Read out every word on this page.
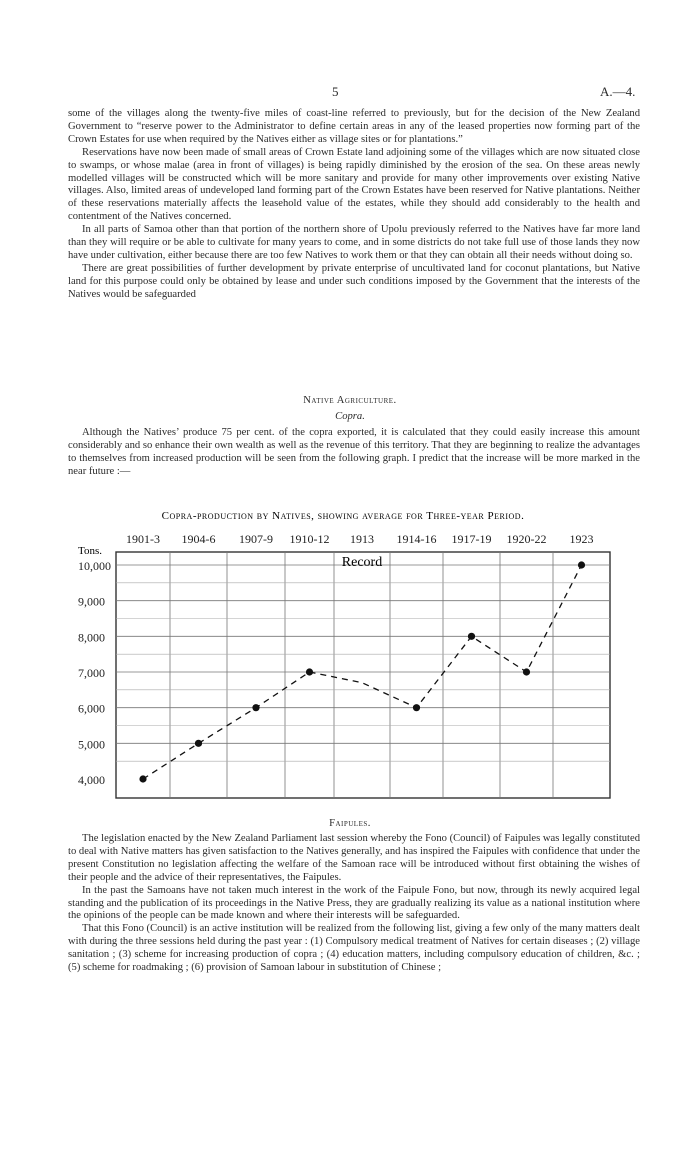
5	A.—4.

some of the villages along the twenty-five miles of coast-line referred to previously, but for the decision of the New Zealand Government to “reserve power to the Administrator to define certain areas in any of the leased properties now forming part of the Crown Estates for use when required by the Natives either as village sites or for plantations.”

Reservations have now been made of small areas of Crown Estate land adjoining some of the villages which are now situated close to swamps, or whose malae (area in front of villages) is being rapidly diminished by the erosion of the sea. On these areas newly modelled villages will be constructed which will be more sanitary and provide for many other improvements over existing Native villages. Also, limited areas of undeveloped land forming part of the Crown Estates have been reserved for Native plantations. Neither of these reservations materially affects the leasehold value of the estates, while they should add considerably to the health and contentment of the Natives concerned.

In all parts of Samoa other than that portion of the northern shore of Upolu previously referred to the Natives have far more land than they will require or be able to cultivate for many years to come, and in some districts do not take full use of those lands they now have under cultivation, either because there are too few Natives to work them or that they can obtain all their needs without doing so.

There are great possibilities of further development by private enterprise of uncultivated land for coconut plantations, but Native land for this purpose could only be obtained by lease and under such conditions imposed by the Government that the interests of the Natives would be safeguarded

Native Agriculture.
Copra.

Although the Natives’ produce 75 per cent. of the copra exported, it is calculated that they could easily increase this amount considerably and so enhance their own wealth as well as the revenue of this territory. That they are beginning to realize the advantages to themselves from increased production will be seen from the following graph. I predict that the increase will be more marked in the near future :—

Copra-production by Natives, showing average for Three-year Period.
Tons.
1901-3 1904-6 1907-9 1910-12 1913 1914-16 1917-19 1920-22 1923
4,000
5,000
6,000
7,000
8,000
9,000
10,000	Record
Faipules.

The legislation enacted by the New Zealand Parliament last session whereby the Fono (Council) of Faipules was legally constituted to deal with Native matters has given satisfaction to the Natives generally, and has inspired the Faipules with confidence that under the present Constitution no legislation affecting the welfare of the Samoan race will be introduced without first obtaining the wishes of their people and the advice of their representatives, the Faipules.

In the past the Samoans have not taken much interest in the work of the Faipule Fono, but now, through its newly acquired legal standing and the publication of its proceedings in the Native Press, they are gradually realizing its value as a national institution where the opinions of the people can be made known and where their interests will be safeguarded.

That this Fono (Council) is an active institution will be realized from the following list, giving a few only of the many matters dealt with during the three sessions held during the past year : (1) Compulsory medical treatment of Natives for certain diseases ; (2) village sanitation ; (3) scheme for increasing production of copra ; (4) education matters, including compulsory education of children, &c. ; (5) scheme for roadmaking ; (6) provision of Samoan labour in substitution of Chinese ;
